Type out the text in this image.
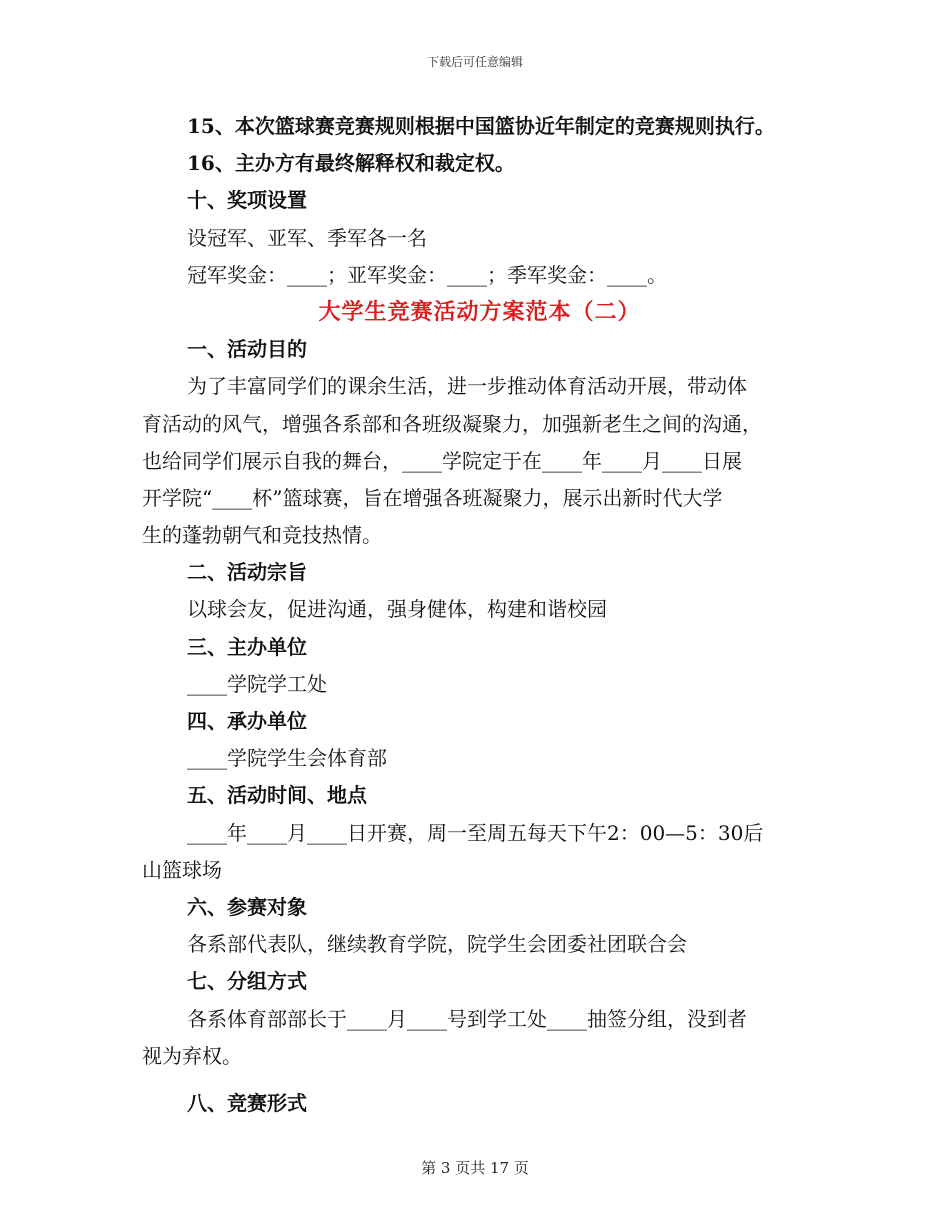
下载后可任意编辑
15、本次篮球赛竞赛规则根据中国篮协近年制定的竞赛规则执行。
16、主办方有最终解释权和裁定权。
十、奖项设置
设冠军、亚军、季军各一名
冠军奖金：____；亚军奖金：____；季军奖金：____。
大学生竞赛活动方案范本（二）
一、活动目的
为了丰富同学们的课余生活，进一步推动体育活动开展，带动体
育活动的风气，增强各系部和各班级凝聚力，加强新老生之间的沟通，
也给同学们展示自我的舞台，____学院定于在____年____月____日展
开学院“____杯”篮球赛，旨在增强各班凝聚力，展示出新时代大学
生的蓬勃朝气和竞技热情。
二、活动宗旨
以球会友，促进沟通，强身健体，构建和谐校园
三、主办单位
____学院学工处
四、承办单位
____学院学生会体育部
五、活动时间、地点
____年____月____日开赛，周一至周五每天下午2：00—5：30后
山篮球场
六、参赛对象
各系部代表队，继续教育学院，院学生会团委社团联合会
七、分组方式
各系体育部部长于____月____号到学工处____抽签分组，没到者
视为弃权。
八、竞赛形式
第 3 页共 17 页
